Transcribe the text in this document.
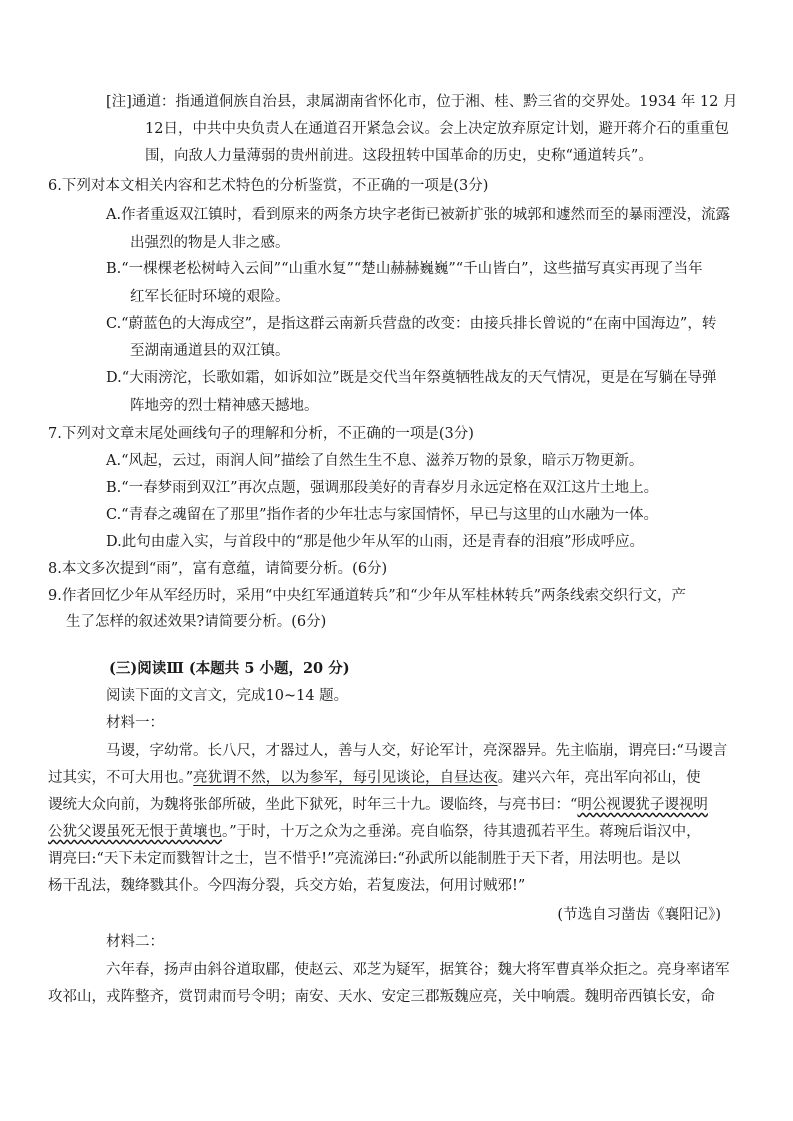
[注]通道：指通道侗族自治县，隶属湖南省怀化市，位于湘、桂、黔三省的交界处。1934 年 12 月

12日，中共中央负责人在通道召开紧急会议。会上决定放弃原定计划，避开蒋介石的重重包

围，向敌人力量薄弱的贵州前进。这段扭转中国革命的历史，史称“通道转兵”。

6.下列对本文相关内容和艺术特色的分析鉴赏，不正确的一项是(3分)

A.作者重返双江镇时，看到原来的两条方块字老街已被新扩张的城郭和遽然而至的暴雨湮没，流露

出强烈的物是人非之感。

B.“一棵棵老松树峙入云间”“山重水复”“楚山赫赫巍巍”“千山皆白”，这些描写真实再现了当年

红军长征时环境的艰险。

C.“蔚蓝色的大海成空”，是指这群云南新兵营盘的改变：由接兵排长曾说的“在南中国海边”，转

至湖南通道县的双江镇。

D.“大雨滂沱，长歌如霜，如诉如泣”既是交代当年祭奠牺牲战友的天气情况，更是在写躺在导弹

阵地旁的烈士精神感天撼地。

7.下列对文章末尾处画线句子的理解和分析，不正确的一项是(3分)

A.“风起，云过，雨润人间”描绘了自然生生不息、滋养万物的景象，暗示万物更新。

B.“一春梦雨到双江”再次点题，强调那段美好的青春岁月永远定格在双江这片土地上。

C.“青春之魂留在了那里”指作者的少年壮志与家国情怀，早已与这里的山水融为一体。

D.此句由虚入实，与首段中的“那是他少年从军的山雨，还是青春的泪痕”形成呼应。

8.本文多次提到“雨”，富有意蕴，请简要分析。(6分)

9.作者回忆少年从军经历时，采用“中央红军通道转兵”和“少年从军桂林转兵”两条线索交织行文，产

生了怎样的叙述效果?请简要分析。(6分)

(三)阅读Ⅲ (本题共 5 小题，20 分)

阅读下面的文言文，完成10~14 题。

材料一：

马谡，字幼常。长八尺，才器过人，善与人交，好论军计，亮深器异。先主临崩，谓亮曰:“马谡言

过其实，不可大用也。”亮犹谓不然，以为参军，每引见谈论，自昼达夜。建兴六年，亮出军向祁山，使

谡统大众向前，为魏将张郃所破，坐此下狱死，时年三十九。谡临终，与亮书曰：“明公视谡犹子谡视明

公犹父谡虽死无恨于黄壤也。”于时，十万之众为之垂涕。亮自临祭，待其遗孤若平生。蒋琬后诣汉中，

谓亮曰:“天下未定而戮智计之士，岂不惜乎!”亮流涕曰:“孙武所以能制胜于天下者，用法明也。是以

杨干乱法，魏绛戮其仆。今四海分裂，兵交方始，若复废法，何用讨贼邪!”

(节选自习凿齿《襄阳记》)

材料二：

六年春，扬声由斜谷道取郿，使赵云、邓芝为疑军，据箕谷；魏大将军曹真举众拒之。亮身率诸军

攻祁山，戎阵整齐，赏罚肃而号令明；南安、天水、安定三郡叛魏应亮，关中响震。魏明帝西镇长安，命
